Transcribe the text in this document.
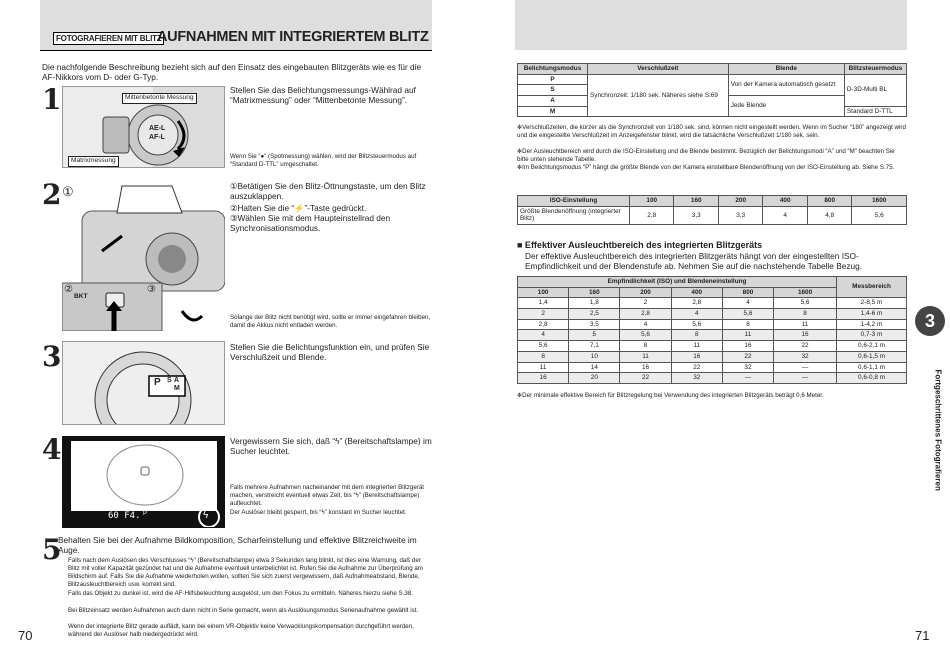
FOTOGRAFIEREN MIT BLITZ
AUFNAHMEN MIT INTEGRIERTEM BLITZ
Die nachfolgende Beschreibung bezieht sich auf den Einsatz des eingebauten Blitzgeräts wie es für die AF-Nikkors vom D- oder G-Typ.
1
AE-L
AF-L
Mittenbetonte Messung
Matrixmessung
Stellen Sie das Belichtungsmessungs-Wählrad auf “Matrixmessung” oder “Mittenbetonte Messung”.
Wenn Sie “●” (Spotmessung) wählen, wird der Blitzsteuermodus auf “Standard D-TTL” umgeschaltet.
2 ①
BKT
②	③
①Betätigen Sie den Blitz-Öttnungstaste, um den Blitz auszuklappen.
②Halten Sie die “⚡”-Taste gedrückt.
③Wählen Sie mit dem Haupteinstellrad den Synchronisationsmodus.
Solange der Blitz nicht benötigt wird, sollte er immer eingefahren bleiben, damit die Akkus nicht entladen werden.
3
P S A
M
Stellen Sie die Belichtungsfunktion ein, und prüfen Sie Verschlußzeit und Blende.
4
60 F4. P	ϟ
Vergewissern Sie sich, daß “ϟ” (Bereitschaftslampe) im Sucher leuchtet.
Falls mehrere Aufnahmen nacheinander mit dem integrierten Blitzgerät machen, verstreicht eventuell etwas Zeit, bis “ϟ” (Bereitschaftslampe) aufleuchtet.
Der Auslöser bleibt gesperrt, bis “ϟ” konstant im Sucher leuchtet.
5
Behalten Sie bei der Aufnahme Bildkomposition, Scharfeinstellung und effektive Blitzreichweite im Auge.
Falls nach dem Auslösen des Verschlusses “ϟ” (Bereitschaftslampe) etwa 3 Sekunden lang blinkt, ist dies eine Warnung, daß der Blitz mit voller Kapazität gezündet hat und die Aufnahme eventuell unterbelichtet ist. Rufen Sie die Aufnahme zur Überprüfung am Bildschirm auf. Falls Sie die Aufnahme wiederholen wollen, sollten Sie sich zuerst vergewissern, daß Aufnahmeabstand, Blende, Blitzausleuchtbereich usw. korrekt sind.
Falls das Objekt zu dunkel ist, wird die AF-Hilfsbeleuchtung ausgelöst, um den Fokus zu ermitteln. Näheres hierzu siehe S.38.
Bei Blitzeinsatz werden Aufnahmen auch dann nicht in Serie gemacht, wenn als Auslösungsmodus Serienaufnahme gewählt ist.
Wenn der integrierte Blitz gerade auflädt, kann bei einem VR-Objektiv keine Verwacklungskompensation durchgeführt werden, während der Auslöser halb niedergedrückt wird.
70
Belichtungsmodus	Verschlußzeit	Blende	Blitzsteuermodus
P	Synchronzeit: 1/180 sek. Näheres siehe S.69	Von der Kamera automatisch gesetzt	D-3D-Multi BL
S			
A		Jede Blende	
M			Standard D-TTL
✻Verschlußzeiten, die kürzer als die Synchronzeit von 1/180 sek. sind, können nicht eingestellt werden. Wenn im Sucher “180” angezeigt wird und die eingestellte Verschlußzeit im Anzeigefenster blinkt, wird die tatsächliche Verschlußzeit 1/180 sek. sein.
✻Der Ausleuchtbereich wird durch die ISO-Einstellung und die Blende bestimmt. Bezüglich der Belichtungsmodi “A” und “M” beachten Sie bitte unten stehende Tabelle.
✻Im Belichtungsmodus “P” hängt die größte Blende von der Kamera einstellbare Blendenöffnung von der ISO-Einstellung ab. Siehe S.75.
ISO-Einstellung	100	160	200	400	800	1600
Größte Blendenöffnung (integrierter Blitz)	2,8	3,3	3,3	4	4,8	5,6
■ Effektiver Ausleuchtbereich des integrierten Blitzgeräts
Der effektive Ausleuchtbereich des integrierten Blitzgeräts hängt von der eingestellten ISO-Empfindlichkeit und der Blendenstufe ab. Nehmen Sie auf die nachstehende Tabelle Bezug.
Empfindlichkeit (ISO) und Blendeneinstellung						Messbereich
100	160	200	400	800	1600	
1,4	1,8	2	2,8	4	5,6	2-8,5 m
2	2,5	2,8	4	5,6	8	1,4-6 m
2,8	3,5	4	5,6	8	11	1-4,2 m
4	5	5,6	8	11	16	0,7-3 m
5,6	7,1	8	11	16	22	0,6-2,1 m
8	10	11	16	22	32	0,6-1,5 m
11	14	16	22	32	—	0,6-1,1 m
16	20	22	32	—	—	0,6-0,8 m
✻Der minimale effektive Bereich für Blitzregelung bei Verwendung des integrierten Blitzgeräts beträgt 0,6 Meter.
3
Fortgeschrittenes Fotografieren
71
